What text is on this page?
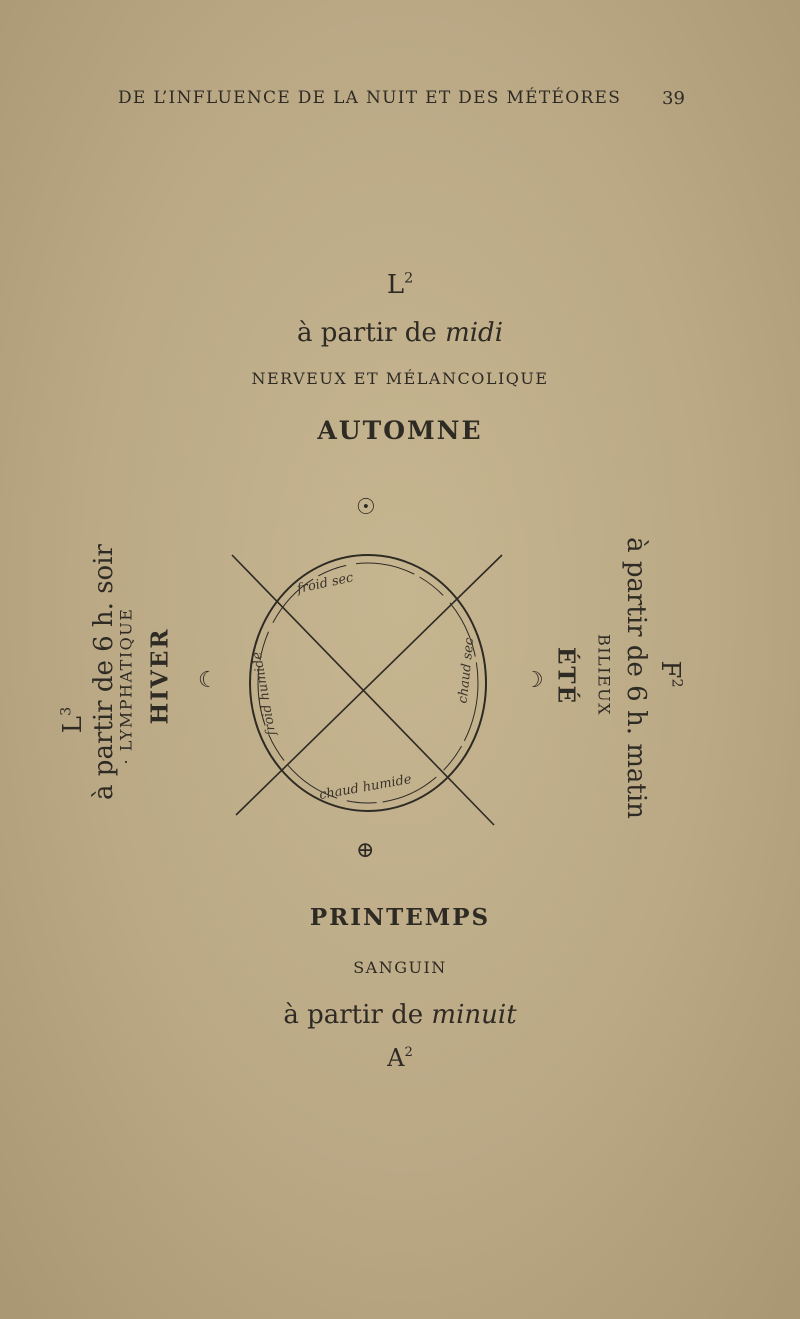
DE L’INFLUENCE DE LA NUIT ET DES MÉTÉORES 39
$L^2$
à partir de midi
NERVEUX ET MÉLANCOLIQUE
AUTOMNE
$L^3$ à partir de 6 h. soir
· LYMPHATIQUE HIVER	BILIEUX
ÉTÉ à partir de 6 h. matin $F^2$
☉
☾	☽
⊕
froid sec
chaud sec
chaud humide
froid humide
PRINTEMPS
SANGUIN
à partir de minuit
$A^2$
